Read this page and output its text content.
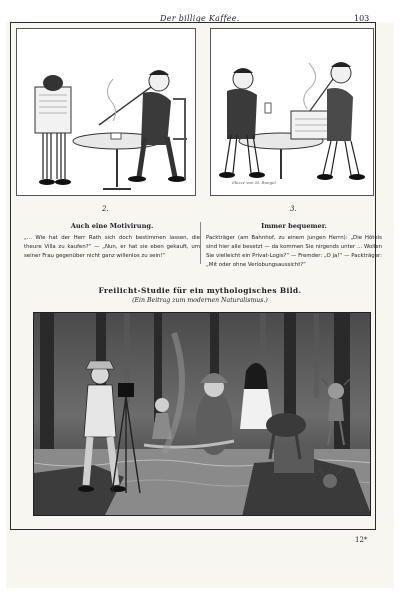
Der billige Kaffee.	103
Skizze von M. Rungel
2.	3.
Auch eine Motivirung.

„... Wie hat der Herr Rath sich doch bestimmen lassen, die theure Villa zu kaufen?“ — „Nun, er hat sie eben gekauft, um seiner Frau gegenüber nicht ganz willenlos zu sein!“

Immer bequemer.

Packträger (am Bahnhof, zu einem jungen Herrn): „Die Hôtels sind hier alle besetzt — da kommen Sie nirgends unter ... Wollen Sie vielleicht ein Privat-Logis?“ — Fremder: „O ja!“ — Packträger: „Mit oder ohne Verlobungsaussicht?“

Freilicht-Studie für ein mythologisches Bild.
(Ein Beitrag zum modernen Naturalismus.)
12*
